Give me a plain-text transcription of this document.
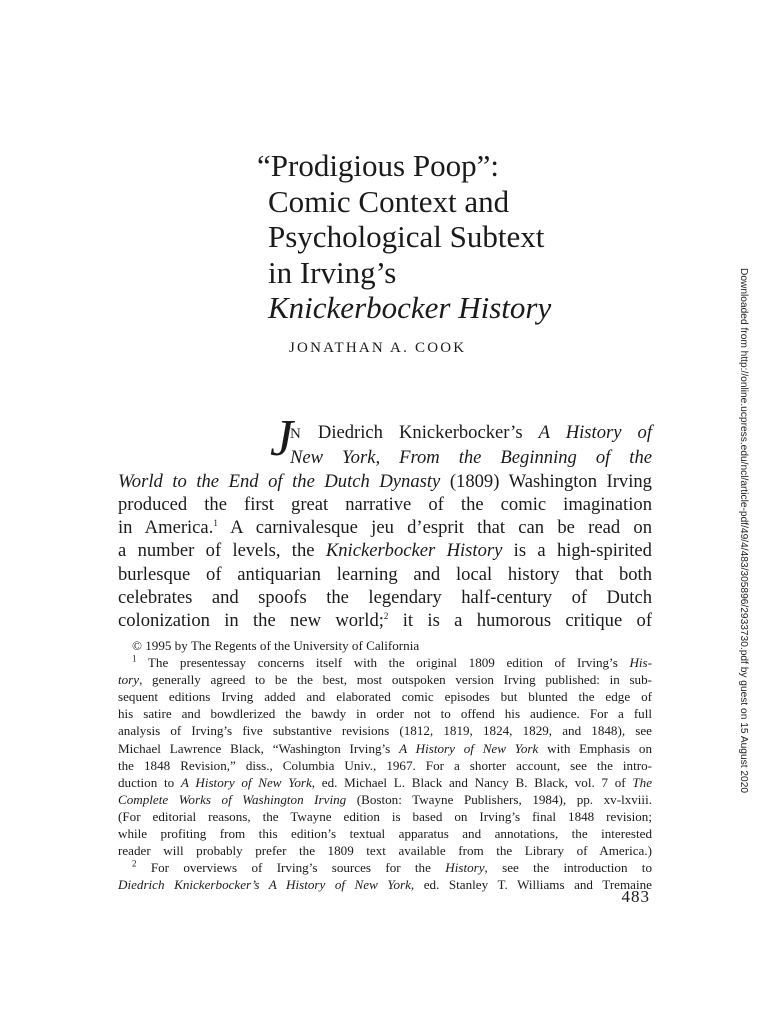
“Prodigious Poop”:
Comic Context and
Psychological Subtext
in Irving’s
Knickerbocker History
JONATHAN A. COOK
J
N Diedrich Knickerbocker’s A History of
New York, From the Beginning of the
World to the End of the Dutch Dynasty (1809) Washington Irving
produced the first great narrative of the comic imagination
in America.$^1$ A carnivalesque jeu d’esprit that can be read on
a number of levels, the Knickerbocker History is a high-spirited
burlesque of antiquarian learning and local history that both
celebrates and spoofs the legendary half-century of Dutch
colonization in the new world;$^2$ it is a humorous critique of
© 1995 by The Regents of the University of California
$^1$ The presentessay concerns itself with the original 1809 edition of Irving’s His-
tory, generally agreed to be the best, most outspoken version Irving published: in sub-
sequent editions Irving added and elaborated comic episodes but blunted the edge of
his satire and bowdlerized the bawdy in order not to offend his audience. For a full
analysis of Irving’s five substantive revisions (1812, 1819, 1824, 1829, and 1848), see
Michael Lawrence Black, “Washington Irving’s A History of New York with Emphasis on
the 1848 Revision,” diss., Columbia Univ., 1967. For a shorter account, see the intro-
duction to A History of New York, ed. Michael L. Black and Nancy B. Black, vol. 7 of The
Complete Works of Washington Irving (Boston: Twayne Publishers, 1984), pp. xv-lxviii.
(For editorial reasons, the Twayne edition is based on Irving’s final 1848 revision;
while profiting from this edition’s textual apparatus and annotations, the interested
reader will probably prefer the 1809 text available from the Library of America.)
$^2$ For overviews of Irving’s sources for the History, see the introduction to
Diedrich Knickerbocker’s A History of New York, ed. Stanley T. Williams and Tremaine
483
Downloaded from http://online.ucpress.edu/ncl/article-pdf/49/4/483/305896/2933730.pdf by guest on 15 August 2020
